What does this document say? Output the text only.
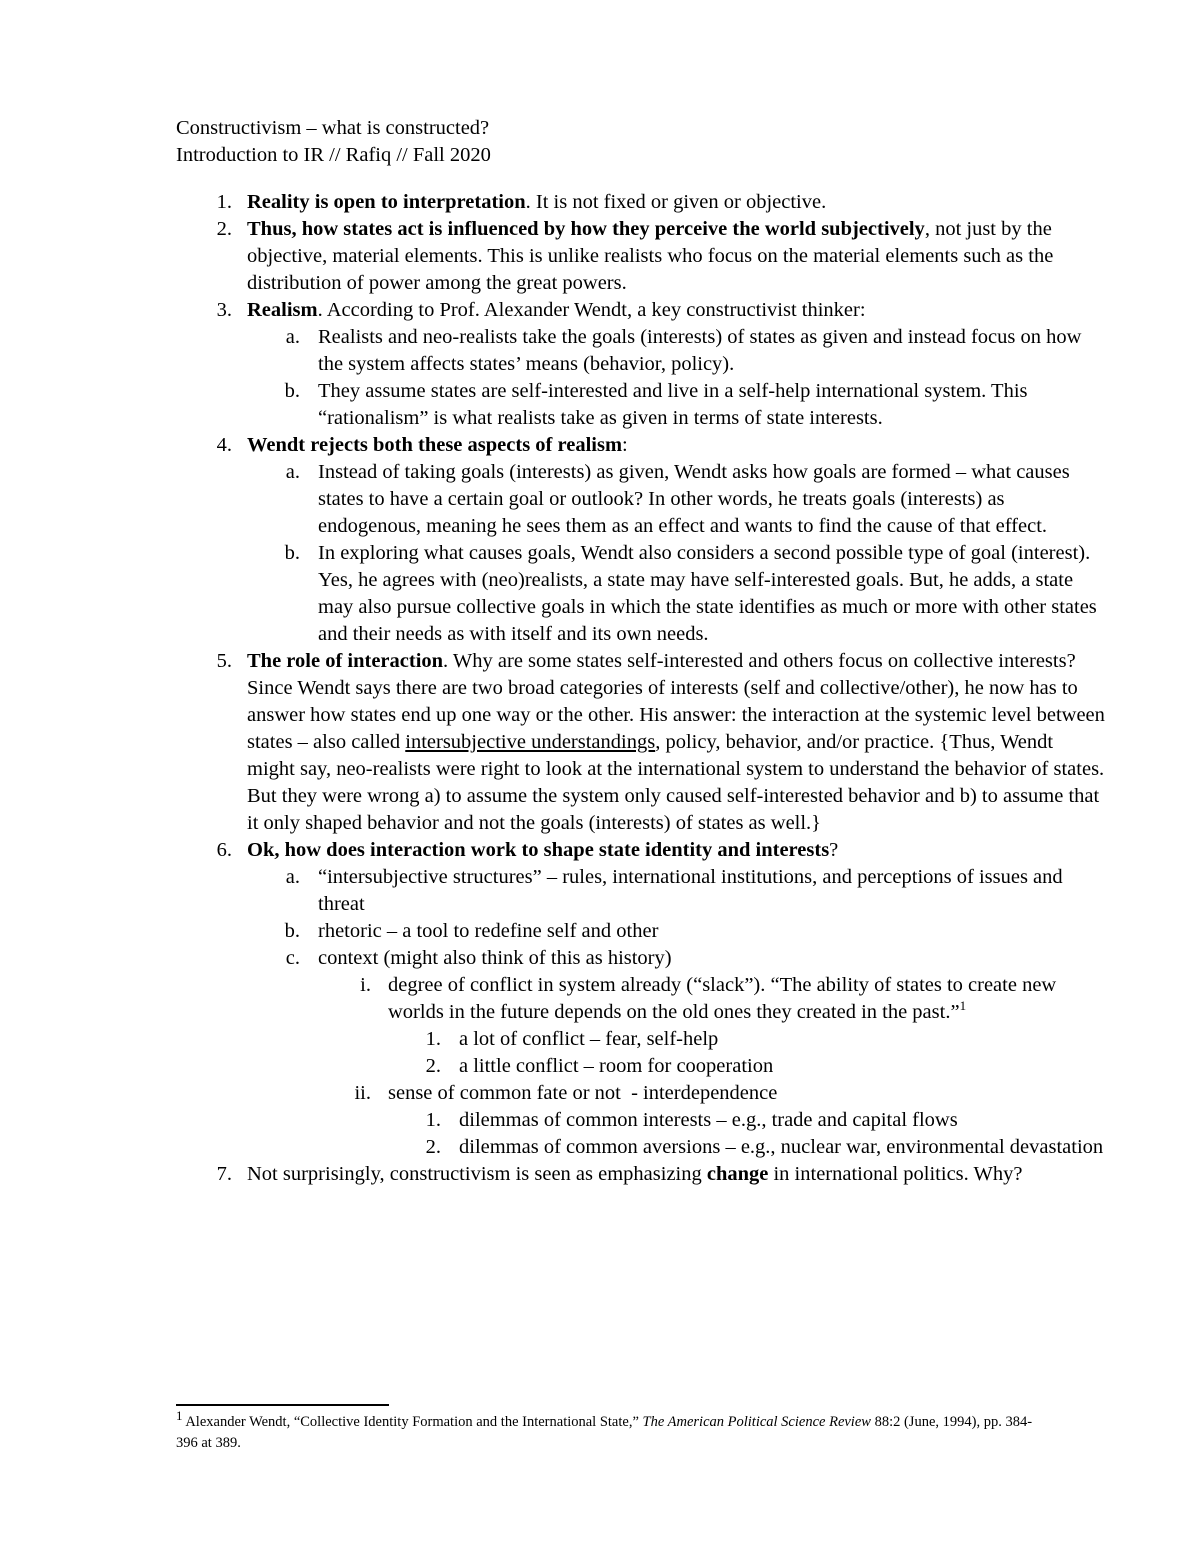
Constructivism – what is constructed?

Introduction to IR // Rafiq // Fall 2020

1. Reality is open to interpretation. It is not fixed or given or objective.
2. Thus, how states act is influenced by how they perceive the world subjectively, not just by the objective, material elements. This is unlike realists who focus on the material elements such as the distribution of power among the great powers.
3. Realism. According to Prof. Alexander Wendt, a key constructivist thinker:
a. Realists and neo-realists take the goals (interests) of states as given and instead focus on how the system affects states’ means (behavior, policy).
b. They assume states are self-interested and live in a self-help international system. This “rationalism” is what realists take as given in terms of state interests.
4. Wendt rejects both these aspects of realism:
a. Instead of taking goals (interests) as given, Wendt asks how goals are formed – what causes states to have a certain goal or outlook? In other words, he treats goals (interests) as endogenous, meaning he sees them as an effect and wants to find the cause of that effect.
b. In exploring what causes goals, Wendt also considers a second possible type of goal (interest). Yes, he agrees with (neo)realists, a state may have self-interested goals. But, he adds, a state may also pursue collective goals in which the state identifies as much or more with other states and their needs as with itself and its own needs.
5. The role of interaction. Why are some states self-interested and others focus on collective interests? Since Wendt says there are two broad categories of interests (self and collective/other), he now has to answer how states end up one way or the other. His answer: the interaction at the systemic level between states – also called intersubjective understandings, policy, behavior, and/or practice. {Thus, Wendt might say, neo-realists were right to look at the international system to understand the behavior of states. But they were wrong a) to assume the system only caused self-interested behavior and b) to assume that it only shaped behavior and not the goals (interests) of states as well.}
6. Ok, how does interaction work to shape state identity and interests?
a. “intersubjective structures” – rules, international institutions, and perceptions of issues and threat
b. rhetoric – a tool to redefine self and other
c. context (might also think of this as history)
i. degree of conflict in system already (“slack”). “The ability of states to create new worlds in the future depends on the old ones they created in the past.”$^1$
1. a lot of conflict – fear, self-help
2. a little conflict – room for cooperation
ii. sense of common fate or not  - interdependence
1. dilemmas of common interests – e.g., trade and capital flows
2. dilemmas of common aversions – e.g., nuclear war, environmental devastation
7. Not surprisingly, constructivism is seen as emphasizing change in international politics. Why?
$^1$ Alexander Wendt, “Collective Identity Formation and the International State,” The American Political Science Review 88:2 (June, 1994), pp. 384-396 at 389.
